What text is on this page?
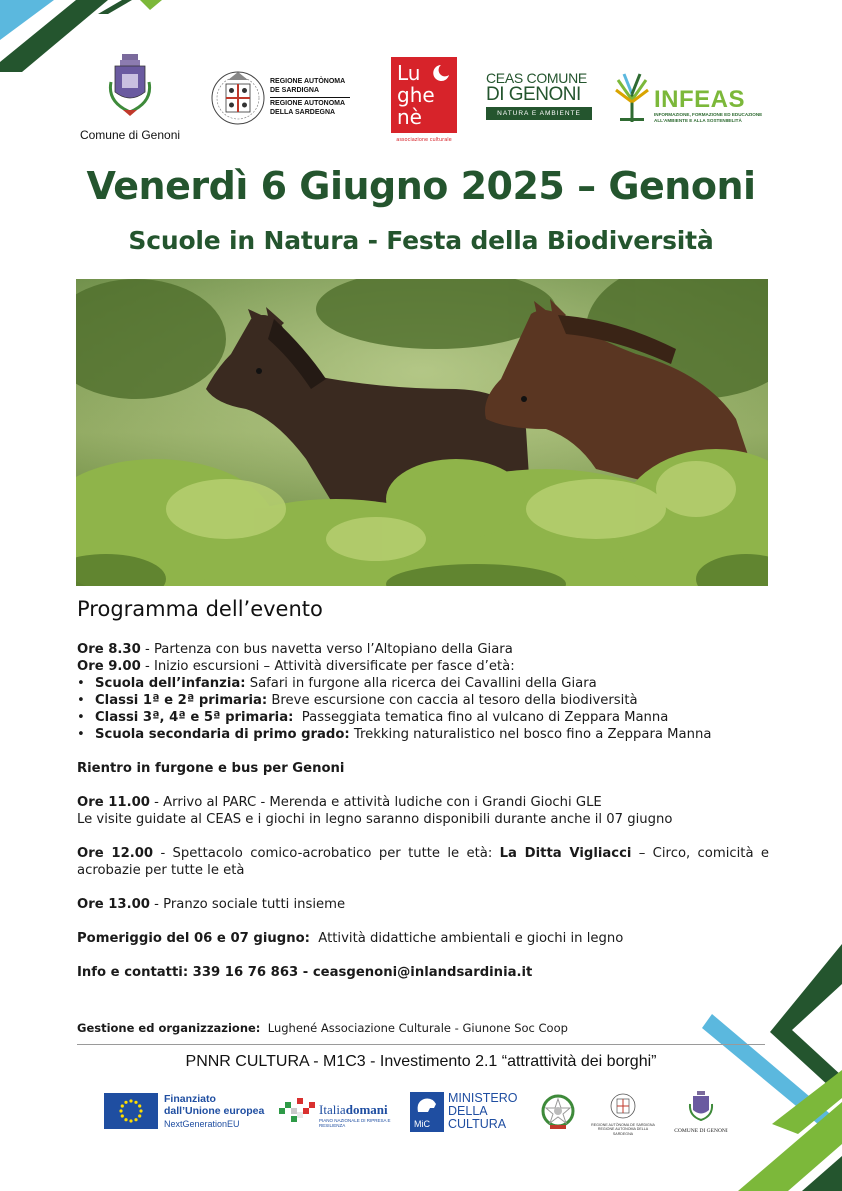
Comune di Genoni
REGIONE AUTÒNOMA
DE SARDIGNA
REGIONE AUTONOMA
DELLA SARDEGNA
Lu
ghe
nè
associazione culturale
CEAS COMUNE
DI GENONI
NATURA E AMBIENTE
INFEAS
INFORMAZIONE, FORMAZIONE ED EDUCAZIONE ALL'AMBIENTE E ALLA SOSTENIBILITÀ
Venerdì 6 Giugno 2025 – Genoni
Scuole in Natura - Festa della Biodiversità
Programma dell’evento

Ore 8.30 - Partenza con bus navetta verso l’Altopiano della Giara

Ore 9.00 - Inizio escursioni – Attività diversificate per fasce d’età:

• Scuola dell’infanzia: Safari in furgone alla ricerca dei Cavallini della Giara
• Classi 1ª e 2ª primaria: Breve escursione con caccia al tesoro della biodiversità
• Classi 3ª, 4ª e 5ª primaria:  Passeggiata tematica fino al vulcano di Zeppara Manna
• Scuola secondaria di primo grado: Trekking naturalistico nel bosco fino a Zeppara Manna

Rientro in furgone e bus per Genoni

Ore 11.00 - Arrivo al PARC - Merenda e attività ludiche con i Grandi Giochi GLE

Le visite guidate al CEAS e i giochi in legno saranno disponibili durante anche il 07 giugno

Ore 12.00 - Spettacolo comico-acrobatico per tutte le età: La Ditta Vigliacci – Circo, comicità e acrobazie per tutte le età

Ore 13.00 - Pranzo sociale tutti insieme

Pomeriggio del 06 e 07 giugno:  Attività didattiche ambientali e giochi in legno

Info e contatti: 339 16 76 863 - ceasgenoni@inlandsardinia.it

Gestione ed organizzazione:  Lughené Associazione Culturale - Giunone Soc Coop
PNNR CULTURA - M1C3 - Investimento 2.1 “attrattività dei borghi”
Finanziato
dall’Unione europea
NextGenerationEU
Italiadomani
PIANO NAZIONALE DI RIPRESA E RESILIENZA	MiC
MINISTERO
DELLA
CULTURA	REGIONE AUTÒNOMA DE SARDIGNA REGIONE AUTONOMA DELLA SARDEGNA	COMUNE DI GENONI
